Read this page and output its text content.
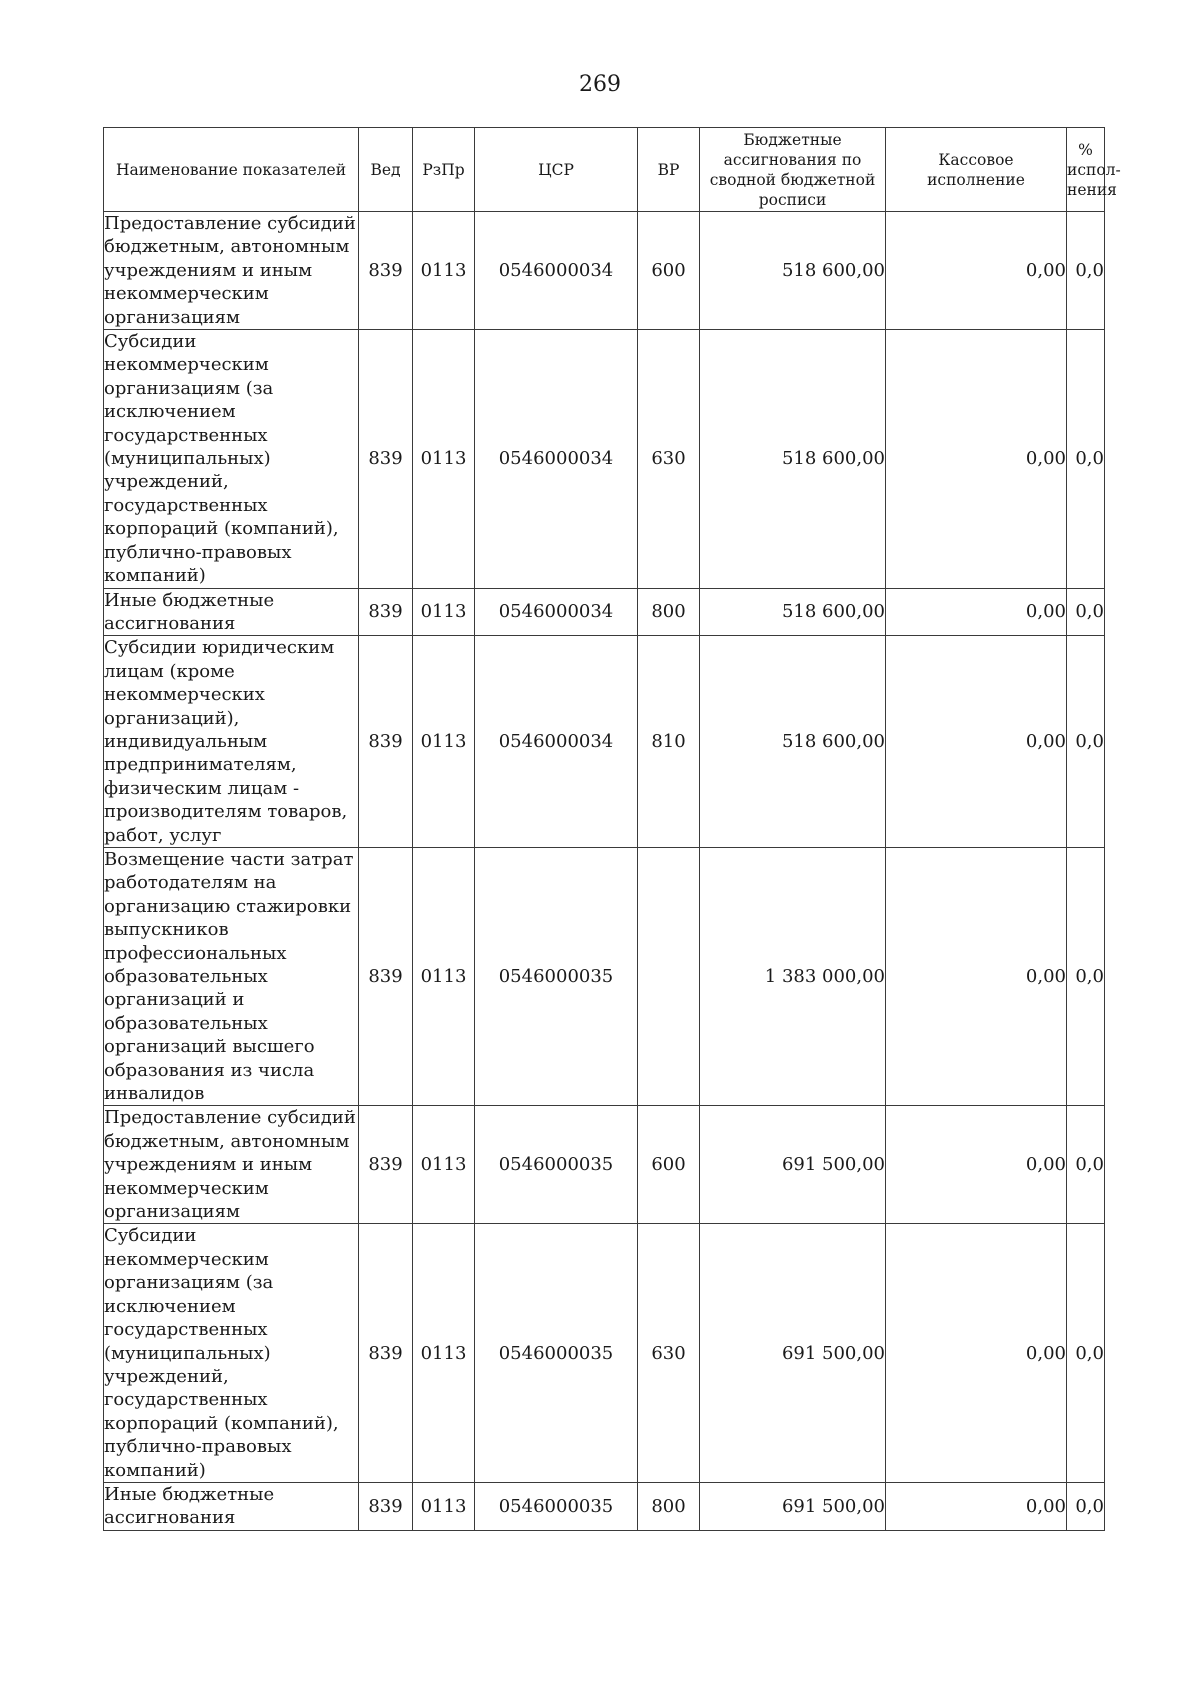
269
Наименование показателей	Вед	РзПр	ЦСР	ВР	Бюджетные ассигнования по сводной бюджетной росписи	Кассовое исполнение	% испол-нения
Предоставление субсидий бюджетным, автономным учреждениям и иным некоммерческим организациям	839	0113	0546000034	600	518 600,00	0,00	0,0
Субсидии некоммерческим организациям (за исключением государственных (муниципальных) учреждений, государственных корпораций (компаний), публично-правовых компаний)	839	0113	0546000034	630	518 600,00	0,00	0,0
Иные бюджетные ассигнования	839	0113	0546000034	800	518 600,00	0,00	0,0
Субсидии юридическим лицам (кроме некоммерческих организаций), индивидуальным предпринимателям, физическим лицам - производителям товаров, работ, услуг	839	0113	0546000034	810	518 600,00	0,00	0,0
Возмещение части затрат работодателям на организацию стажировки выпускников профессиональных образовательных организаций и образовательных организаций высшего образования из числа инвалидов	839	0113	0546000035		1 383 000,00	0,00	0,0
Предоставление субсидий бюджетным, автономным учреждениям и иным некоммерческим организациям	839	0113	0546000035	600	691 500,00	0,00	0,0
Субсидии некоммерческим организациям (за исключением государственных (муниципальных) учреждений, государственных корпораций (компаний), публично-правовых компаний)	839	0113	0546000035	630	691 500,00	0,00	0,0
Иные бюджетные ассигнования	839	0113	0546000035	800	691 500,00	0,00	0,0
